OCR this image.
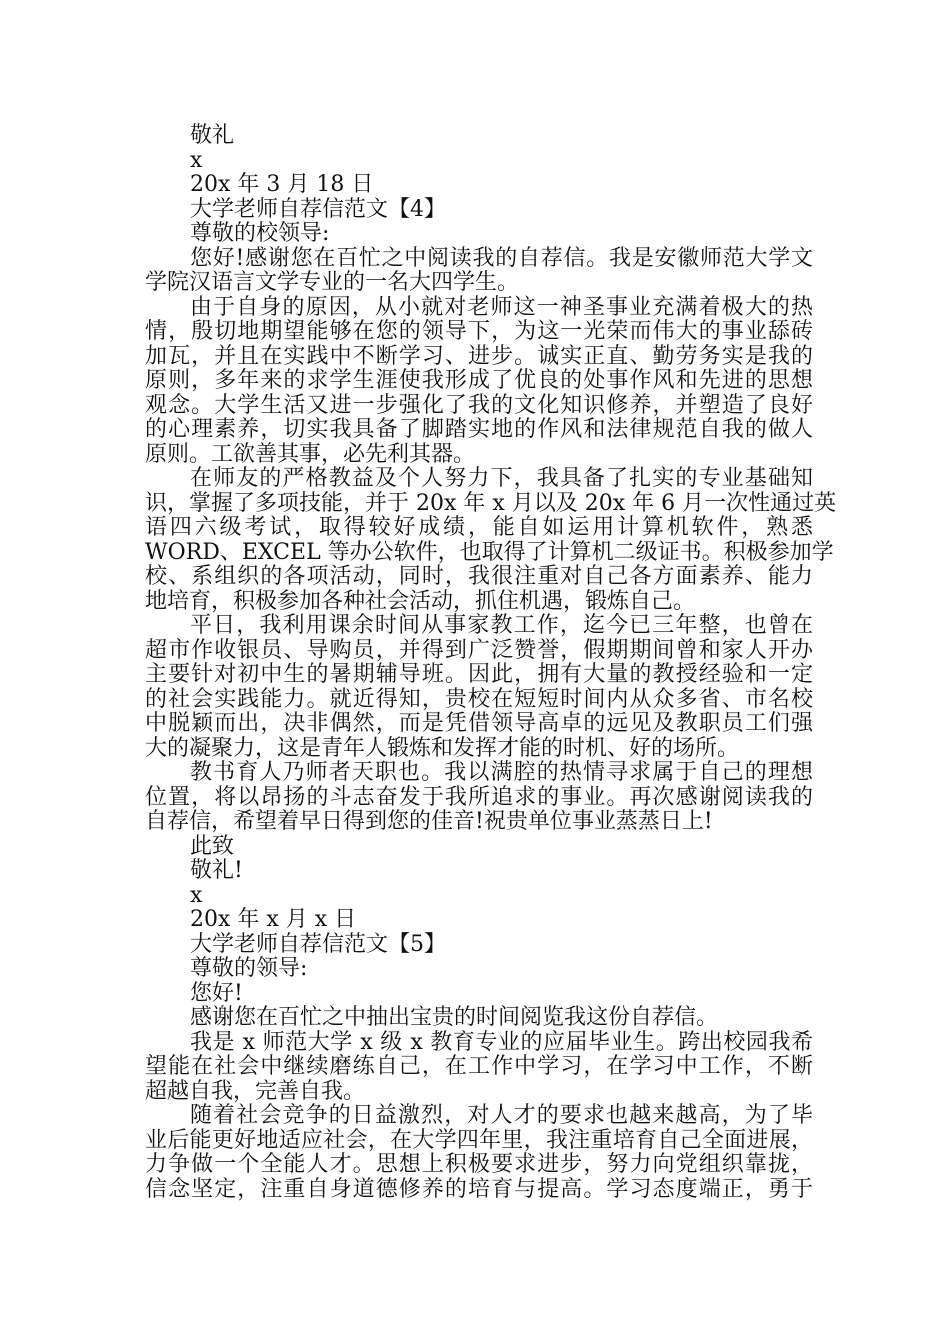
敬礼
x
20x 年 3 月 18 日
大学老师自荐信范文【4】
尊敬的校领导:
您好!感谢您在百忙之中阅读我的自荐信。我是安徽师范大学文
学院汉语言文学专业的一名大四学生。
由于自身的原因，从小就对老师这一神圣事业充满着极大的热
情，殷切地期望能够在您的领导下，为这一光荣而伟大的事业舔砖
加瓦，并且在实践中不断学习、进步。诚实正直、勤劳务实是我的
原则，多年来的求学生涯使我形成了优良的处事作风和先进的思想
观念。大学生活又进一步强化了我的文化知识修养，并塑造了良好
的心理素养，切实我具备了脚踏实地的作风和法律规范自我的做人
原则。工欲善其事，必先利其器。
在师友的严格教益及个人努力下，我具备了扎实的专业基础知
识，掌握了多项技能，并于 20x 年 x 月以及 20x 年 6 月一次性通过英
语四六级考试，取得较好成绩，能自如运用计算机软件，熟悉
WORD、EXCEL 等办公软件，也取得了计算机二级证书。积极参加学
校、系组织的各项活动，同时，我很注重对自己各方面素养、能力
地培育，积极参加各种社会活动，抓住机遇，锻炼自己。
平日，我利用课余时间从事家教工作，迄今已三年整，也曾在
超市作收银员、导购员，并得到广泛赞誉，假期期间曾和家人开办
主要针对初中生的暑期辅导班。因此，拥有大量的教授经验和一定
的社会实践能力。就近得知，贵校在短短时间内从众多省、市名校
中脱颖而出，决非偶然，而是凭借领导高卓的远见及教职员工们强
大的凝聚力，这是青年人锻炼和发挥才能的时机、好的场所。
教书育人乃师者天职也。我以满腔的热情寻求属于自己的理想
位置，将以昂扬的斗志奋发于我所追求的事业。再次感谢阅读我的
自荐信，希望着早日得到您的佳音!祝贵单位事业蒸蒸日上!
此致
敬礼!
x
20x 年 x 月 x 日
大学老师自荐信范文【5】
尊敬的领导:
您好!
感谢您在百忙之中抽出宝贵的时间阅览我这份自荐信。
我是 x 师范大学 x 级 x 教育专业的应届毕业生。跨出校园我希
望能在社会中继续磨练自己，在工作中学习，在学习中工作，不断
超越自我，完善自我。
随着社会竞争的日益激烈，对人才的要求也越来越高，为了毕
业后能更好地适应社会，在大学四年里，我注重培育自己全面进展，
力争做一个全能人才。思想上积极要求进步，努力向党组织靠拢，
信念坚定，注重自身道德修养的培育与提高。学习态度端正，勇于
